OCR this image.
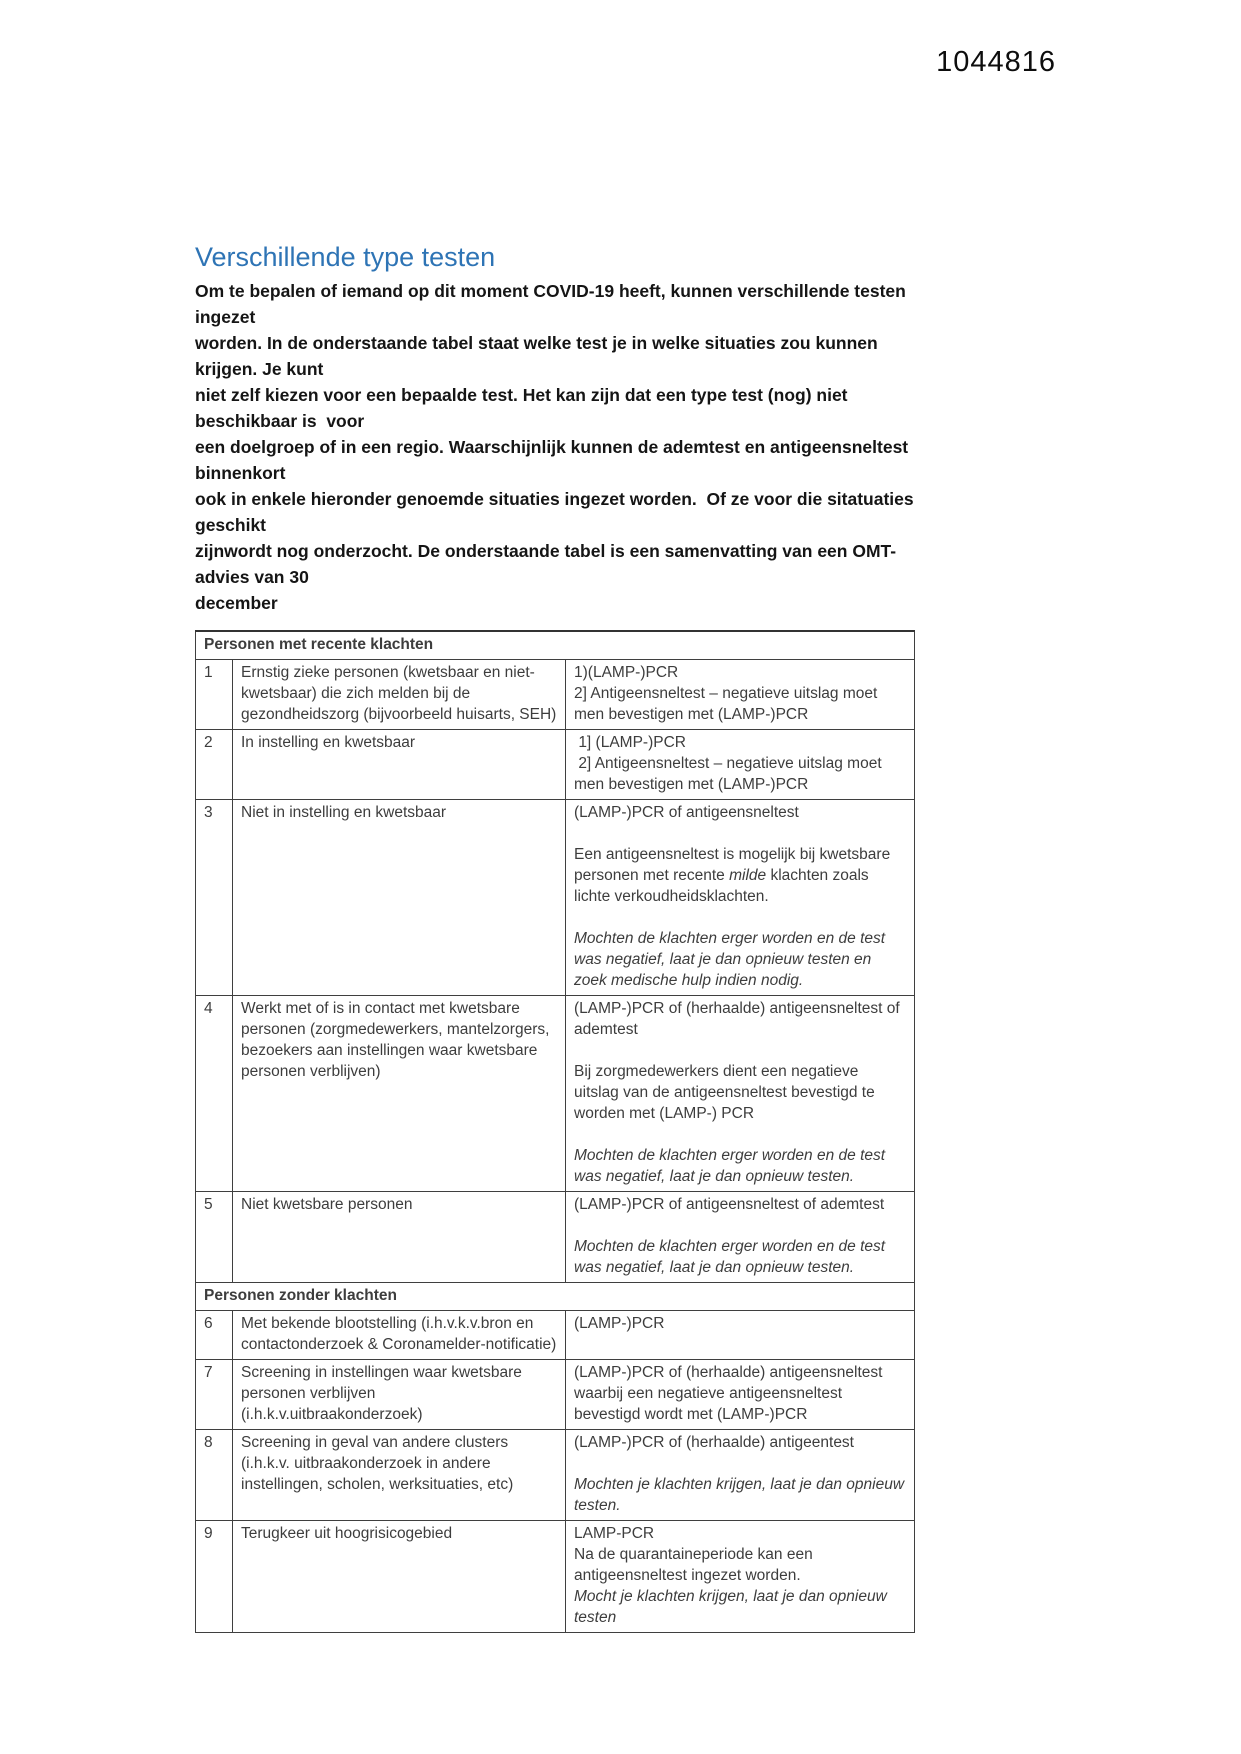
1044816
Verschillende type testen
Om te bepalen of iemand op dit moment COVID-19 heeft, kunnen verschillende testen ingezet
worden. In de onderstaande tabel staat welke test je in welke situaties zou kunnen krijgen. Je kunt
niet zelf kiezen voor een bepaalde test. Het kan zijn dat een type test (nog) niet beschikbaar is  voor
een doelgroep of in een regio. Waarschijnlijk kunnen de ademtest en antigeensneltest binnenkort
ook in enkele hieronder genoemde situaties ingezet worden.  Of ze voor die sitatuaties geschikt
zijnwordt nog onderzocht. De onderstaande tabel is een samenvatting van een OMT-advies van 30
december
Personen met recente klachten		
1	Ernstig zieke personen (kwetsbaar en niet-kwetsbaar) die zich melden bij de gezondheidszorg (bijvoorbeeld huisarts, SEH)	1)(LAMP-)PCR
2] Antigeensneltest – negatieve uitslag moet men bevestigen met (LAMP-)PCR

2	In instelling en kwetsbaar	1] (LAMP-)PCR
2] Antigeensneltest – negatieve uitslag moet men bevestigen met (LAMP-)PCR

3	Niet in instelling en kwetsbaar	(LAMP-)PCR of antigeensneltest
Een antigeensneltest is mogelijk bij kwetsbare personen met recente milde klachten zoals lichte verkoudheidsklachten.
Mochten de klachten erger worden en de test was negatief, laat je dan opnieuw testen en zoek medische hulp indien nodig.

4	Werkt met of is in contact met kwetsbare personen (zorgmedewerkers, mantelzorgers, bezoekers aan instellingen waar kwetsbare personen verblijven)	(LAMP-)PCR of (herhaalde) antigeensneltest of ademtest
Bij zorgmedewerkers dient een negatieve uitslag van de antigeensneltest bevestigd te worden met (LAMP-) PCR
Mochten de klachten erger worden en de test was negatief, laat je dan opnieuw testen.

5	Niet kwetsbare personen	(LAMP-)PCR of antigeensneltest of ademtest
Mochten de klachten erger worden en de test was negatief, laat je dan opnieuw testen.

Personen zonder klachten		
6	Met bekende blootstelling (i.h.v.k.v.bron en contactonderzoek & Coronamelder-notificatie)	(LAMP-)PCR

7	Screening in instellingen waar kwetsbare personen verblijven (i.h.k.v.uitbraakonderzoek)	(LAMP-)PCR of (herhaalde) antigeensneltest waarbij een negatieve antigeensneltest bevestigd wordt met (LAMP-)PCR

8	Screening in geval van andere clusters (i.h.k.v. uitbraakonderzoek in andere instellingen, scholen, werksituaties, etc)	(LAMP-)PCR of (herhaalde) antigeentest
Mochten je klachten krijgen, laat je dan opnieuw testen.

9	Terugkeer uit hoogrisicogebied	LAMP-PCR
Na de quarantaineperiode kan een antigeensneltest ingezet worden.
Mocht je klachten krijgen, laat je dan opnieuw testen
